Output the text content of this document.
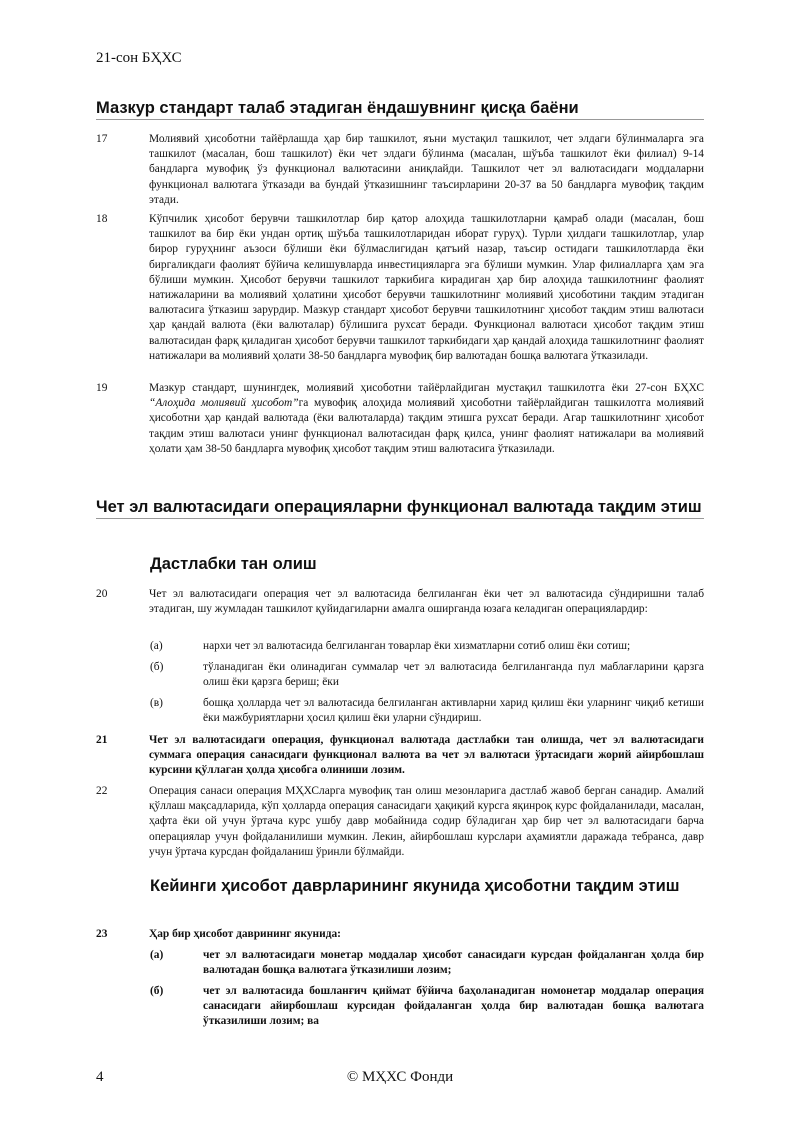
21-сон БҲХС
Мазкур стандарт талаб этадиган ёндашувнинг қисқа баёни
17	Молиявий ҳисоботни тайёрлашда ҳар бир ташкилот, яъни мустақил ташкилот, чет элдаги бўлинмаларга эга ташкилот (масалан, бош ташкилот) ёки чет элдаги бўлинма (масалан, шўъба ташкилот ёки филиал) 9-14 бандларга мувофиқ ўз функционал валютасини аниқлайди. Ташкилот чет эл валютасидаги моддаларни функционал валютага ўтказади ва бундай ўтказишнинг таъсирларини 20-37 ва 50 бандларга мувофиқ тақдим этади.
18	Кўпчилик ҳисобот берувчи ташкилотлар бир қатор алоҳида ташкилотларни қамраб олади (масалан, бош ташкилот ва бир ёки ундан ортиқ шўъба ташкилотларидан иборат гуруҳ). Турли ҳилдаги ташкилотлар, улар бирор гуруҳнинг аъзоси бўлиши ёки бўлмаслигидан қатъий назар, таъсир остидаги ташкилотларда ёки биргаликдаги фаолият бўйича келишувларда инвестицияларга эга бўлиши мумкин. Улар филиалларга ҳам эга бўлиши мумкин. Ҳисобот берувчи ташкилот таркибига кирадиган ҳар бир алоҳида ташкилотнинг фаолият натижаларини ва молиявий ҳолатини ҳисобот берувчи ташкилотнинг молиявий ҳисоботини тақдим этадиган валютасига ўтказиш зарурдир. Мазкур стандарт ҳисобот берувчи ташкилотнинг ҳисобот тақдим этиш валютаси ҳар қандай валюта (ёки валюталар) бўлишига рухсат беради. Функционал валютаси ҳисобот тақдим этиш валютасидан фарқ қиладиган ҳисобот берувчи ташкилот таркибидаги ҳар қандай алоҳида ташкилотнинг фаолият натижалари ва молиявий ҳолати 38-50 бандларга мувофиқ бир валютадан бошқа валютага ўтказилади.
19	Мазкур стандарт, шунингдек, молиявий ҳисоботни тайёрлайдиган мустақил ташкилотга ёки 27-сон БҲХС “Алоҳида молиявий ҳисобот”га мувофиқ алоҳида молиявий ҳисоботни тайёрлайдиган ташкилотга молиявий ҳисоботни ҳар қандай валютада (ёки валюталарда) тақдим этишга рухсат беради. Агар ташкилотнинг ҳисобот тақдим этиш валютаси унинг функционал валютасидан фарқ қилса, унинг фаолият натижалари ва молиявий ҳолати ҳам 38-50 бандларга мувофиқ ҳисобот тақдим этиш валютасига ўтказилади.
Чет эл валютасидаги операцияларни функционал валютада тақдим этиш
Дастлабки тан олиш
20	Чет эл валютасидаги операция чет эл валютасида белгиланган ёки чет эл валютасида сўндиришни талаб этадиган, шу жумладан ташкилот қуйидагиларни амалга оширганда юзага келадиган операциялардир:
(а)	нархи чет эл валютасида белгиланган товарлар ёки хизматларни сотиб олиш ёки сотиш;
(б)	тўланадиган ёки олинадиган суммалар чет эл валютасида белгиланганда пул маблағларини қарзга олиш ёки қарзга бериш; ёки
(в)	бошқа ҳолларда чет эл валютасида белгиланган активларни харид қилиш ёки уларнинг чиқиб кетиши ёки мажбуриятларни ҳосил қилиш ёки уларни сўндириш.
21	Чет эл валютасидаги операция, функционал валютада дастлабки тан олишда, чет эл валютасидаги суммага операция санасидаги функционал валюта ва чет эл валютаси ўртасидаги жорий айирбошлаш курсини қўллаган ҳолда ҳисобга олиниши лозим.
22	Операция санаси операция МҲХСларга мувофиқ тан олиш мезонларига дастлаб жавоб берган санадир. Амалий қўллаш мақсадларида, кўп ҳолларда операция санасидаги ҳақиқий курсга яқинроқ курс фойдаланилади, масалан, ҳафта ёки ой учун ўртача курс ушбу давр мобайнида содир бўладиган ҳар бир чет эл валютасидаги барча операциялар учун фойдаланилиши мумкин. Лекин, айирбошлаш курслари аҳамиятли даражада тебранса, давр учун ўртача курсдан фойдаланиш ўринли бўлмайди.
Кейинги ҳисобот даврларининг якунида ҳисоботни тақдим этиш
23	Ҳар бир ҳисобот даврининг якунида:
(а)	чет эл валютасидаги монетар моддалар ҳисобот санасидаги курсдан фойдаланган ҳолда бир валютадан бошқа валютага ўтказилиши лозим;
(б)	чет эл валютасида бошланғич қиймат бўйича баҳоланадиган номонетар моддалар операция санасидаги айирбошлаш курсидан фойдаланган ҳолда бир валютадан бошқа валютага ўтказилиши лозим; ва
© МҲХС Фонди
4
